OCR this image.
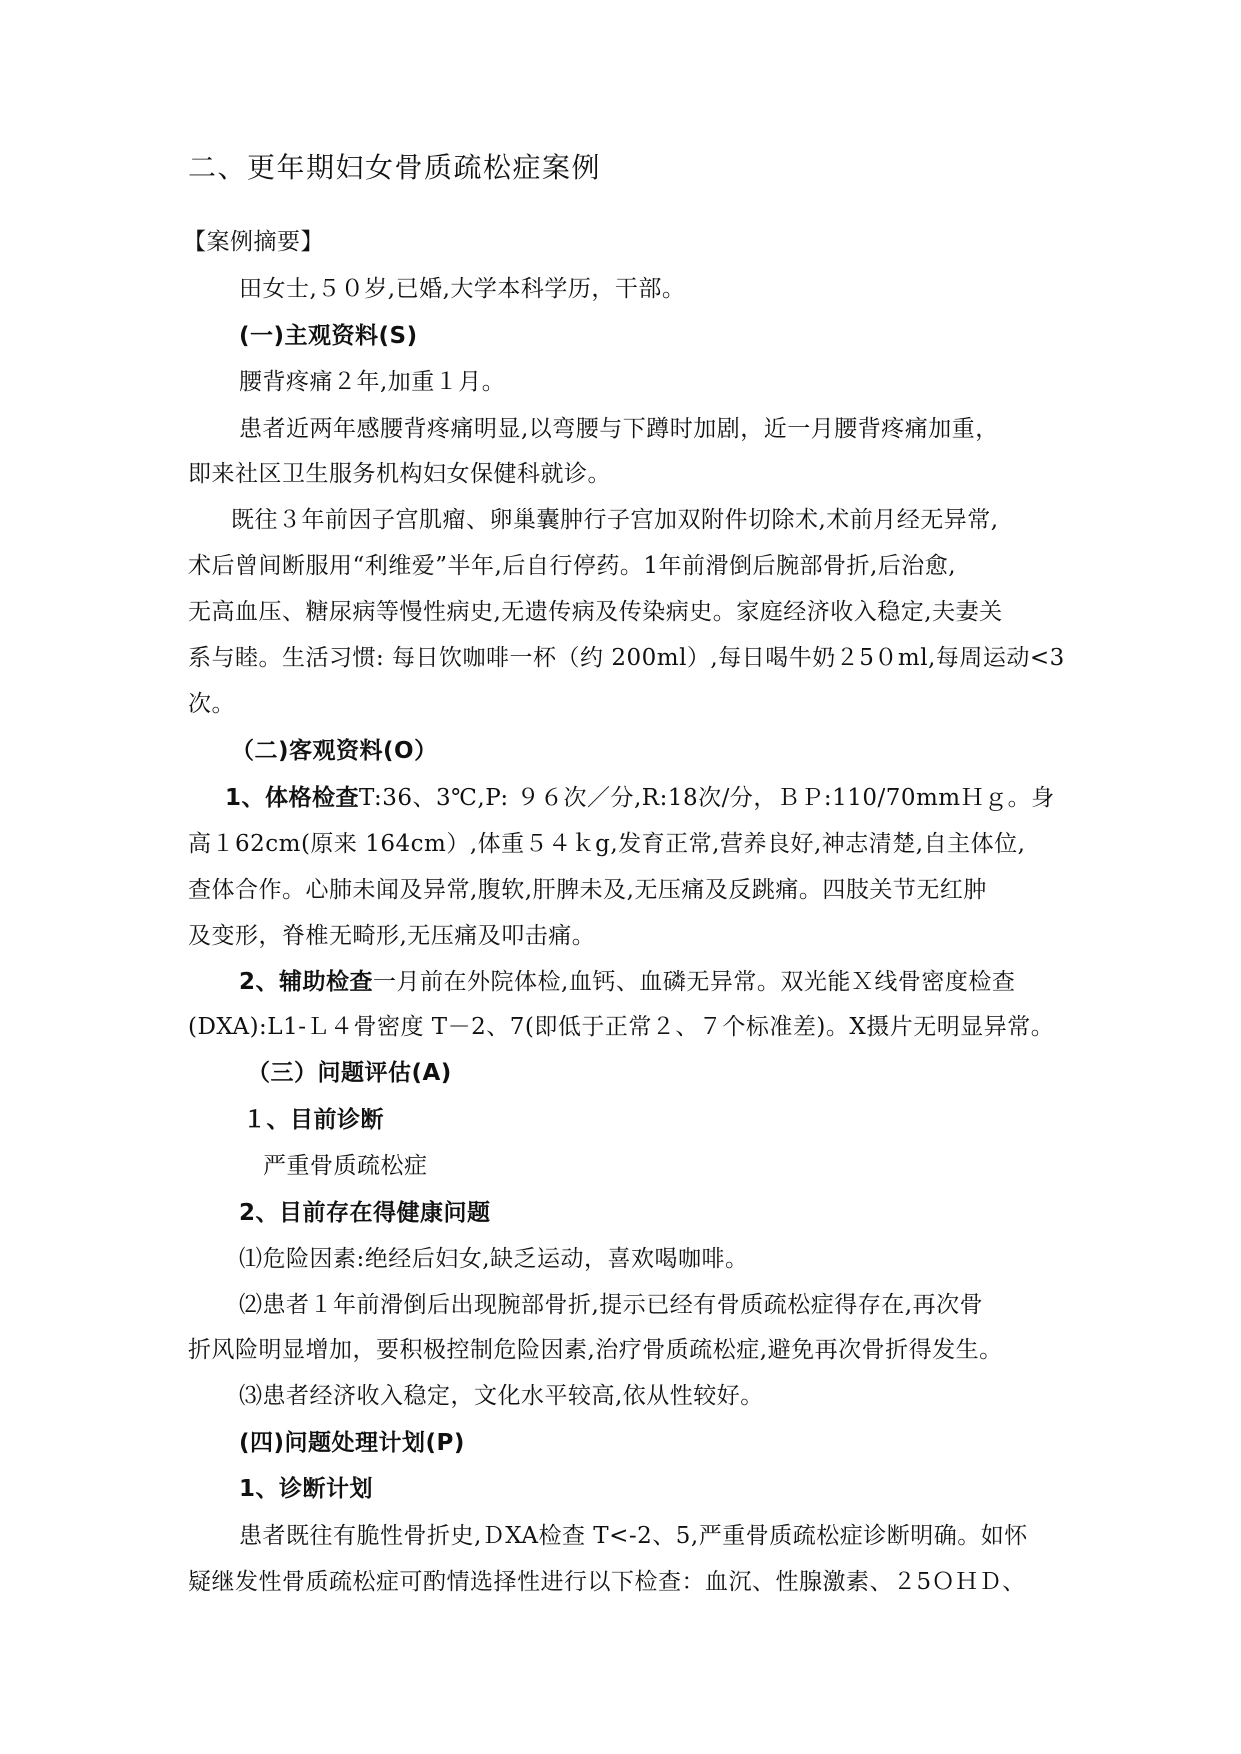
二、更年期妇女骨质疏松症案例
【案例摘要】
田女士,５０岁,已婚,大学本科学历，干部。
(一)主观资料(S)
腰背疼痛２年,加重１月。
患者近两年感腰背疼痛明显,以弯腰与下蹲时加剧，近一月腰背疼痛加重，
即来社区卫生服务机构妇女保健科就诊。
既往３年前因子宫肌瘤、卵巢囊肿行子宫加双附件切除术,术前月经无异常,
术后曾间断服用“利维爱”半年,后自行停药。1年前滑倒后腕部骨折,后治愈,
无高血压、糖尿病等慢性病史,无遗传病及传染病史。家庭经济收入稳定,夫妻关
系与睦。生活习惯: 每日饮咖啡一杯（约 200ml）,每日喝牛奶２5０ml,每周运动<3
次。
（二)客观资料(O）
1、体格检查T:36、3℃,P: ９６次／分,R:18次/分，ＢＰ:110/70mmＨｇ。身
高１62cm(原来 164cm）,体重５４ｋg,发育正常,营养良好,神志清楚,自主体位,
查体合作。心肺未闻及异常,腹软,肝脾未及,无压痛及反跳痛。四肢关节无红肿
及变形，脊椎无畸形,无压痛及叩击痛。
2、辅助检查一月前在外院体检,血钙、血磷无异常。双光能Ｘ线骨密度检查
(DXA):L1-Ｌ４骨密度 T－2、7(即低于正常２、７个标准差)。X摄片无明显异常。
（三）问题评估(A)
１、目前诊断
严重骨质疏松症
2、目前存在得健康问题
⑴危险因素:绝经后妇女,缺乏运动，喜欢喝咖啡。
⑵患者１年前滑倒后出现腕部骨折,提示已经有骨质疏松症得存在,再次骨
折风险明显增加，要积极控制危险因素,治疗骨质疏松症,避免再次骨折得发生。
⑶患者经济收入稳定，文化水平较高,依从性较好。
(四)问题处理计划(P)
1、诊断计划
患者既往有脆性骨折史,ＤXA检查 T<-2、5,严重骨质疏松症诊断明确。如怀
疑继发性骨质疏松症可酌情选择性进行以下检查：血沉、性腺激素、２5ＯＨＤ、
